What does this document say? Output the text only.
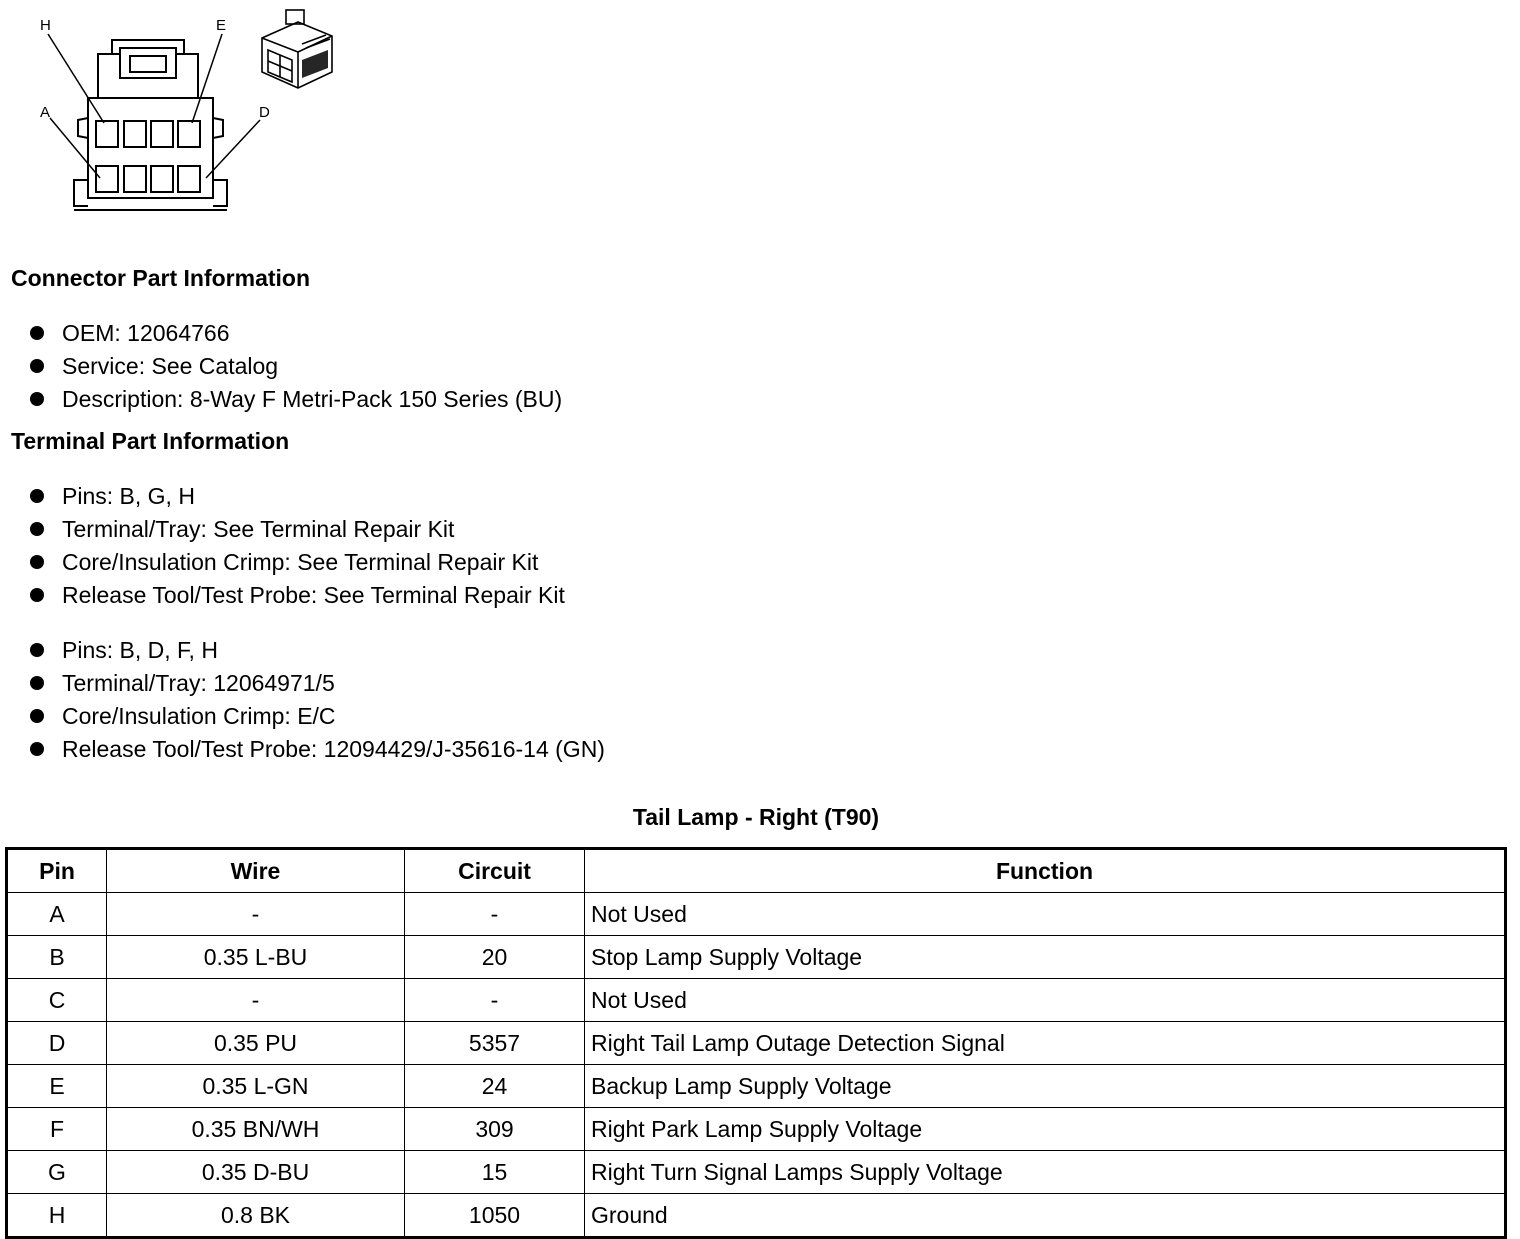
H	E
A	D
Connector Part Information
OEM: 12064766
Service: See Catalog
Description: 8-Way F Metri-Pack 150 Series (BU)
Terminal Part Information
Pins: B, G, H
Terminal/Tray: See Terminal Repair Kit
Core/Insulation Crimp: See Terminal Repair Kit
Release Tool/Test Probe: See Terminal Repair Kit
Pins: B, D, F, H
Terminal/Tray: 12064971/5
Core/Insulation Crimp: E/C
Release Tool/Test Probe: 12094429/J-35616-14 (GN)
Tail Lamp - Right (T90)
Pin	Wire	Circuit	Function
A	-	-	Not Used
B	0.35 L-BU	20	Stop Lamp Supply Voltage
C	-	-	Not Used
D	0.35 PU	5357	Right Tail Lamp Outage Detection Signal
E	0.35 L-GN	24	Backup Lamp Supply Voltage
F	0.35 BN/WH	309	Right Park Lamp Supply Voltage
G	0.35 D-BU	15	Right Turn Signal Lamps Supply Voltage
H	0.8 BK	1050	Ground
